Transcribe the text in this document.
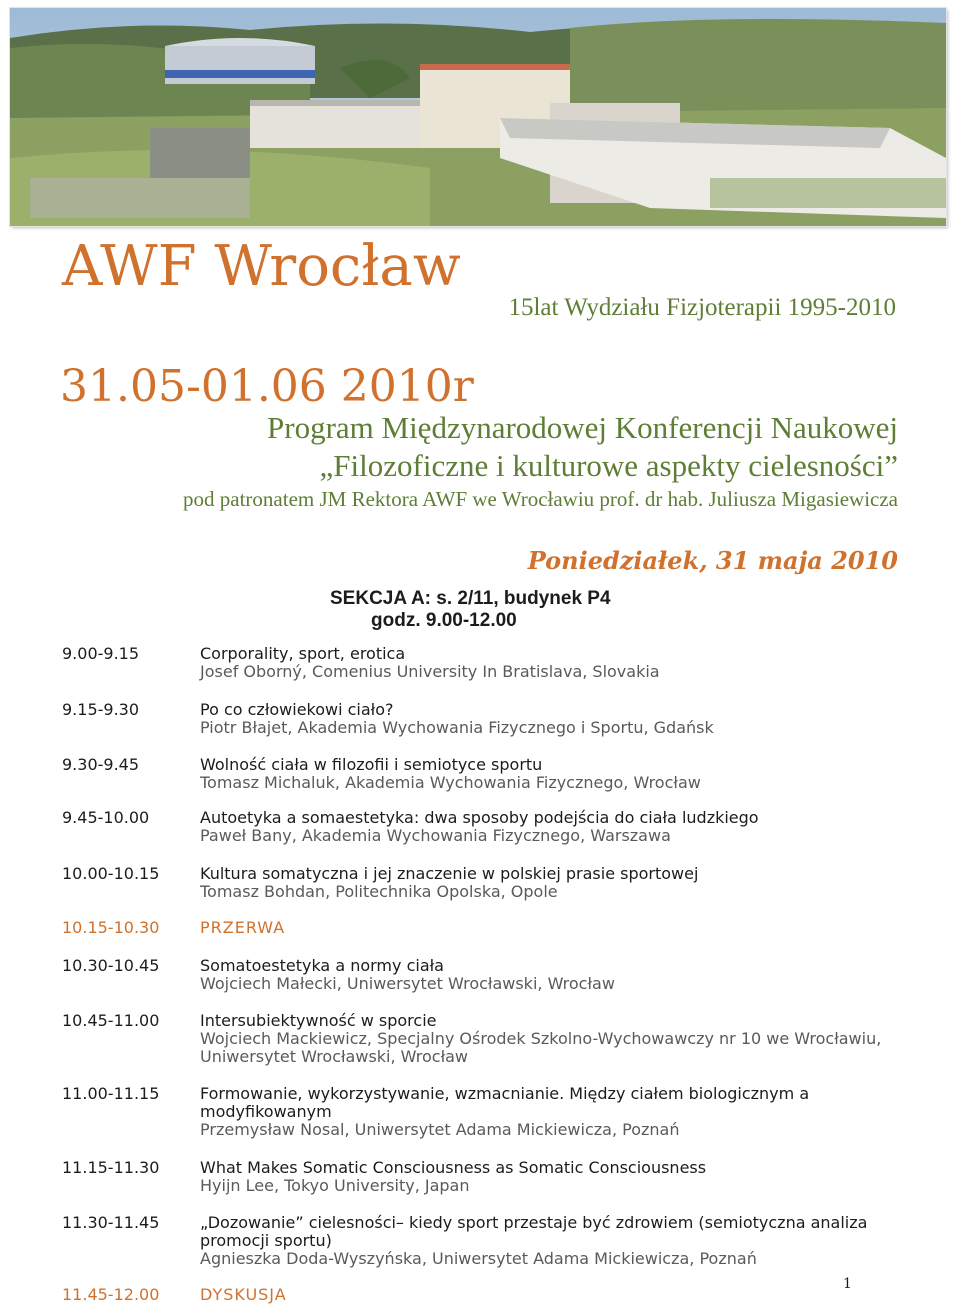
AWF Wrocław
15lat Wydziału Fizjoterapii 1995-2010
31.05-01.06 2010r
Program Międzynarodowej Konferencji Naukowej
„Filozoficzne i kulturowe aspekty cielesności”
pod patronatem JM Rektora AWF we Wrocławiu prof. dr hab. Juliusza Migasiewicza
Poniedziałek, 31 maja 2010
SEKCJA A: s. 2/11, budynek P4
godz. 9.00-12.00
9.00-9.15	Corporality, sport, erotica
Josef Oborný, Comenius University In Bratislava, Slovakia
9.15-9.30	Po co człowiekowi ciało?
Piotr Błajet, Akademia Wychowania Fizycznego i Sportu, Gdańsk
9.30-9.45	Wolność ciała w filozofii i semiotyce sportu
Tomasz Michaluk, Akademia Wychowania Fizycznego, Wrocław
9.45-10.00	Autoetyka a somaestetyka: dwa sposoby podejścia do ciała ludzkiego
Paweł Bany, Akademia Wychowania Fizycznego, Warszawa
10.00-10.15	Kultura somatyczna i jej znaczenie w polskiej prasie sportowej
Tomasz Bohdan, Politechnika Opolska, Opole
10.15-10.30	PRZERWA
10.30-10.45	Somatoestetyka a normy ciała
Wojciech Małecki, Uniwersytet Wrocławski, Wrocław
10.45-11.00	Intersubiektywność w sporcie
Wojciech Mackiewicz, Specjalny Ośrodek Szkolno-Wychowawczy nr 10 we Wrocławiu, Uniwersytet Wrocławski, Wrocław
11.00-11.15	Formowanie, wykorzystywanie, wzmacnianie. Między ciałem biologicznym a modyfikowanym
Przemysław Nosal, Uniwersytet Adama Mickiewicza, Poznań
11.15-11.30	What Makes Somatic Consciousness as Somatic Consciousness
Hyijn Lee, Tokyo University, Japan
11.30-11.45	„Dozowanie” cielesności– kiedy sport przestaje być zdrowiem (semiotyczna analiza promocji sportu)
Agnieszka Doda-Wyszyńska, Uniwersytet Adama Mickiewicza, Poznań
11.45-12.00	DYSKUSJA
1
